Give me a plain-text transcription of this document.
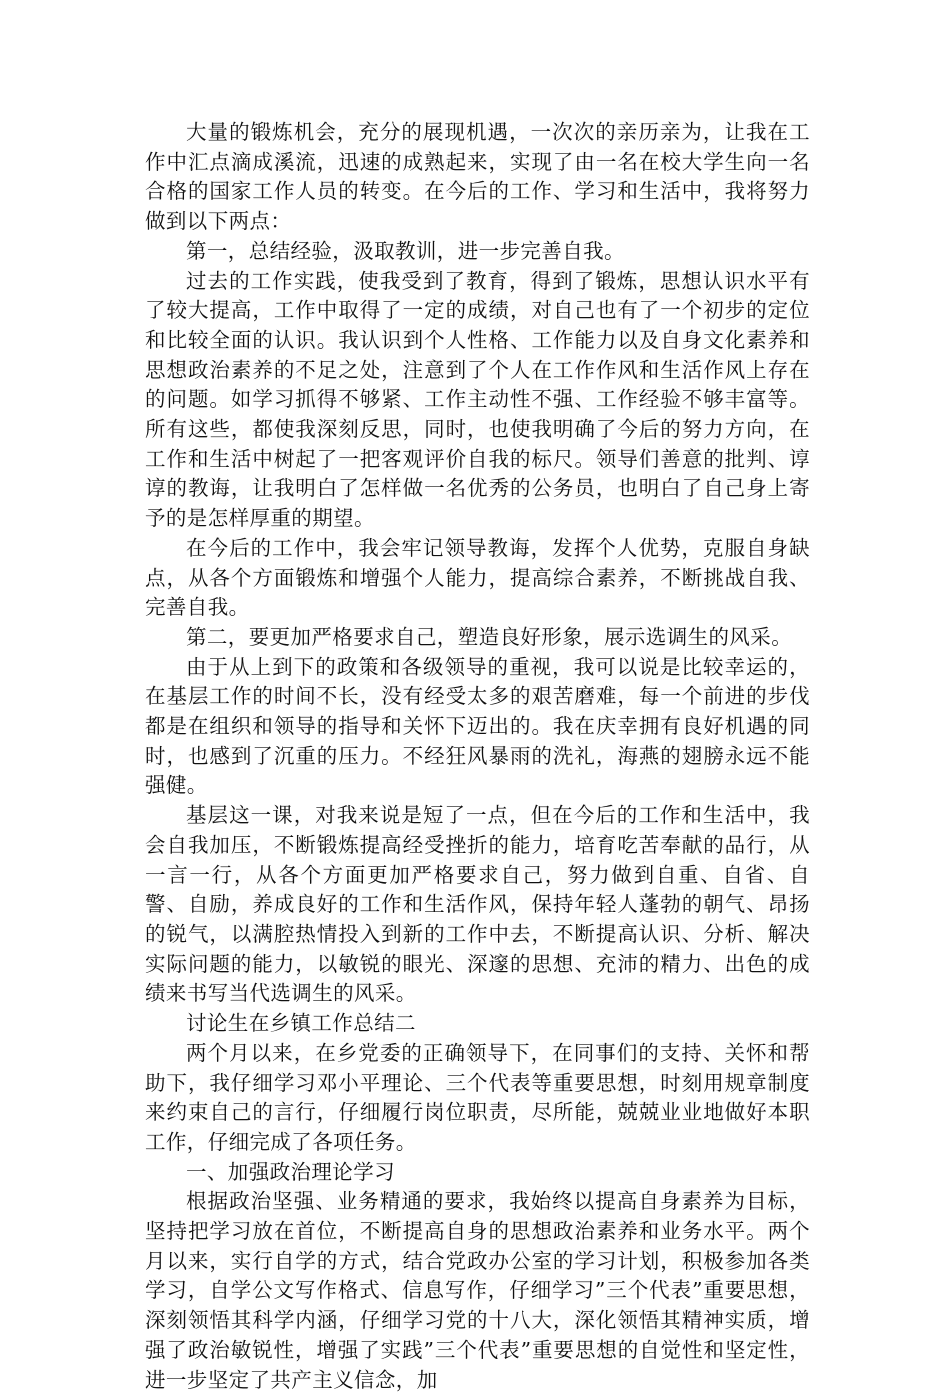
大量的锻炼机会，充分的展现机遇，一次次的亲历亲为，让我在工作中汇点滴成溪流，迅速的成熟起来，实现了由一名在校大学生向一名合格的国家工作人员的转变。在今后的工作、学习和生活中，我将努力做到以下两点：

第一，总结经验，汲取教训，进一步完善自我。

过去的工作实践，使我受到了教育，得到了锻炼，思想认识水平有了较大提高，工作中取得了一定的成绩，对自己也有了一个初步的定位和比较全面的认识。我认识到个人性格、工作能力以及自身文化素养和思想政治素养的不足之处，注意到了个人在工作作风和生活作风上存在的问题。如学习抓得不够紧、工作主动性不强、工作经验不够丰富等。所有这些，都使我深刻反思，同时，也使我明确了今后的努力方向，在工作和生活中树起了一把客观评价自我的标尺。领导们善意的批判、谆谆的教诲，让我明白了怎样做一名优秀的公务员，也明白了自己身上寄予的是怎样厚重的期望。

在今后的工作中，我会牢记领导教诲，发挥个人优势，克服自身缺点，从各个方面锻炼和增强个人能力，提高综合素养，不断挑战自我、完善自我。

第二，要更加严格要求自己，塑造良好形象，展示选调生的风采。

由于从上到下的政策和各级领导的重视，我可以说是比较幸运的，在基层工作的时间不长，没有经受太多的艰苦磨难，每一个前进的步伐都是在组织和领导的指导和关怀下迈出的。我在庆幸拥有良好机遇的同时，也感到了沉重的压力。不经狂风暴雨的洗礼，海燕的翅膀永远不能强健。

基层这一课，对我来说是短了一点，但在今后的工作和生活中，我会自我加压，不断锻炼提高经受挫折的能力，培育吃苦奉献的品行，从一言一行，从各个方面更加严格要求自己，努力做到自重、自省、自警、自励，养成良好的工作和生活作风，保持年轻人蓬勃的朝气、昂扬的锐气，以满腔热情投入到新的工作中去，不断提高认识、分析、解决实际问题的能力，以敏锐的眼光、深邃的思想、充沛的精力、出色的成绩来书写当代选调生的风采。

讨论生在乡镇工作总结二

两个月以来，在乡党委的正确领导下，在同事们的支持、关怀和帮助下，我仔细学习邓小平理论、三个代表等重要思想，时刻用规章制度来约束自己的言行，仔细履行岗位职责，尽所能，兢兢业业地做好本职工作，仔细完成了各项任务。

一、加强政治理论学习

根据政治坚强、业务精通的要求，我始终以提高自身素养为目标，坚持把学习放在首位，不断提高自身的思想政治素养和业务水平。两个月以来，实行自学的方式，结合党政办公室的学习计划，积极参加各类学习，自学公文写作格式、信息写作，仔细学习”三个代表”重要思想，深刻领悟其科学内涵，仔细学习党的十八大，深化领悟其精神实质，增强了政治敏锐性，增强了实践”三个代表”重要思想的自觉性和坚定性，进一步坚定了共产主义信念，加
